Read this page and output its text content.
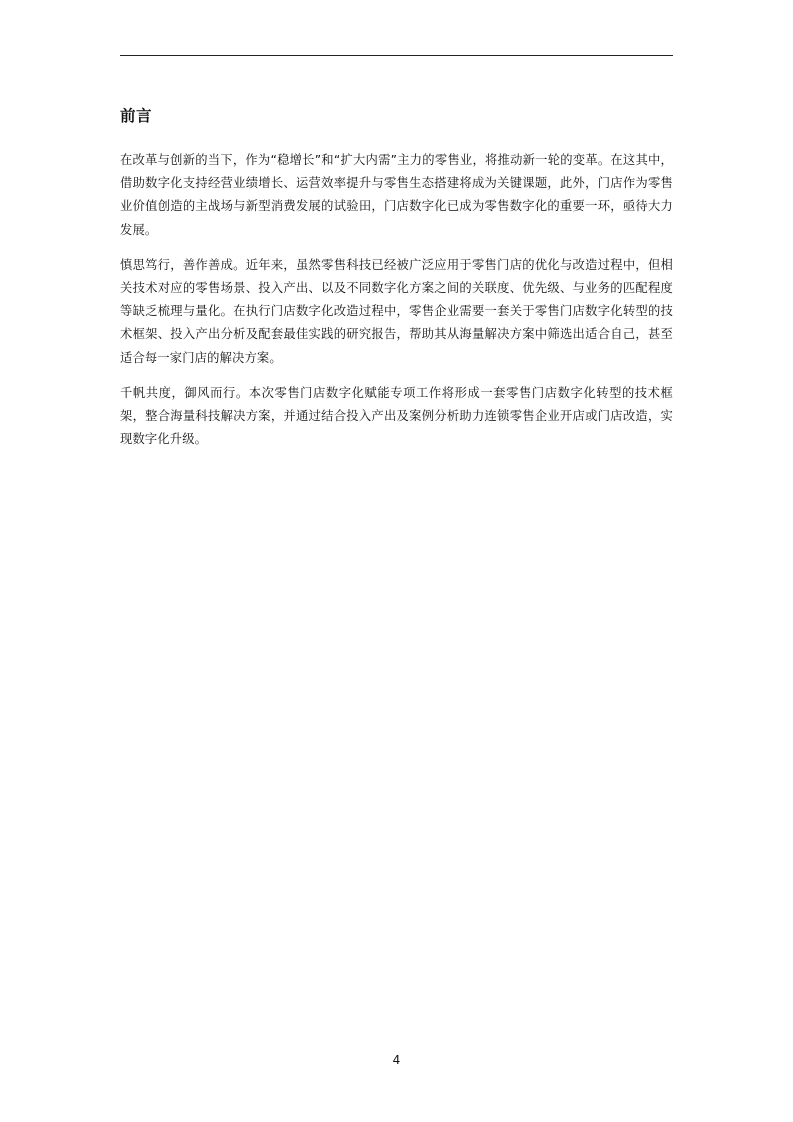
前言

在改革与创新的当下，作为“稳增长”和“扩大内需”主力的零售业，将推动新一轮的变革。在这其中，借助数字化支持经营业绩增长、运营效率提升与零售生态搭建将成为关键课题，此外，门店作为零售业价值创造的主战场与新型消费发展的试验田，门店数字化已成为零售数字化的重要一环，亟待大力发展。

慎思笃行，善作善成。近年来，虽然零售科技已经被广泛应用于零售门店的优化与改造过程中，但相关技术对应的零售场景、投入产出、以及不同数字化方案之间的关联度、优先级、与业务的匹配程度等缺乏梳理与量化。在执行门店数字化改造过程中，零售企业需要一套关于零售门店数字化转型的技术框架、投入产出分析及配套最佳实践的研究报告，帮助其从海量解决方案中筛选出适合自己，甚至适合每一家门店的解决方案。

千帆共度，御风而行。本次零售门店数字化赋能专项工作将形成一套零售门店数字化转型的技术框架，整合海量科技解决方案，并通过结合投入产出及案例分析助力连锁零售企业开店或门店改造，实现数字化升级。

4
